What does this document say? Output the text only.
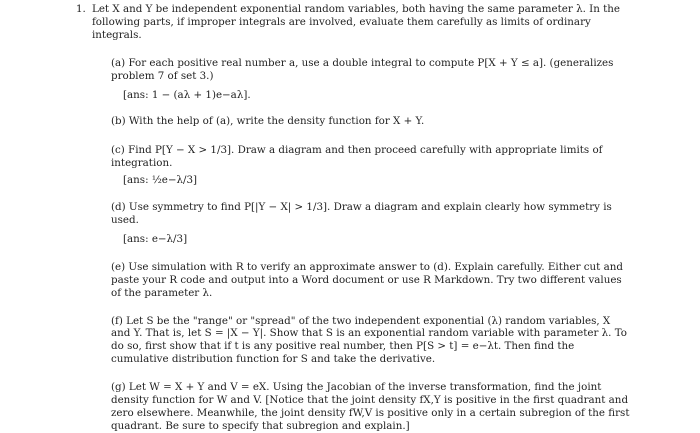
1. Let X and Y be independent exponential random variables, both having the same parameter λ. In the following parts, if improper integrals are involved, evaluate them carefully as limits of ordinary integrals.

(a) For each positive real number a, use a double integral to compute P[X + Y ≤ a]. (generalizes problem 7 of set 3.)

[ans: 1 − (aλ + 1)e−aλ].

(b) With the help of (a), write the density function for X + Y.

(c) Find P[Y − X > 1/3]. Draw a diagram and then proceed carefully with appropriate limits of integration.

[ans: ½e−λ/3]

(d) Use symmetry to find P[|Y − X| > 1/3]. Draw a diagram and explain clearly how symmetry is used.

[ans: e−λ/3]

(e) Use simulation with R to verify an approximate answer to (d). Explain carefully. Either cut and paste your R code and output into a Word document or use R Markdown. Try two different values of the parameter λ.

(f) Let S be the "range" or "spread" of the two independent exponential (λ) random variables, X and Y. That is, let S = |X − Y|. Show that S is an exponential random variable with parameter λ. To do so, first show that if t is any positive real number, then P[S > t] = e−λt. Then find the cumulative distribution function for S and take the derivative.

(g) Let W = X + Y and V = eX. Using the Jacobian of the inverse transformation, find the joint density function for W and V. [Notice that the joint density fX,Y is positive in the first quadrant and zero elsewhere. Meanwhile, the joint density fW,V is positive only in a certain subregion of the first quadrant. Be sure to specify that subregion and explain.]
